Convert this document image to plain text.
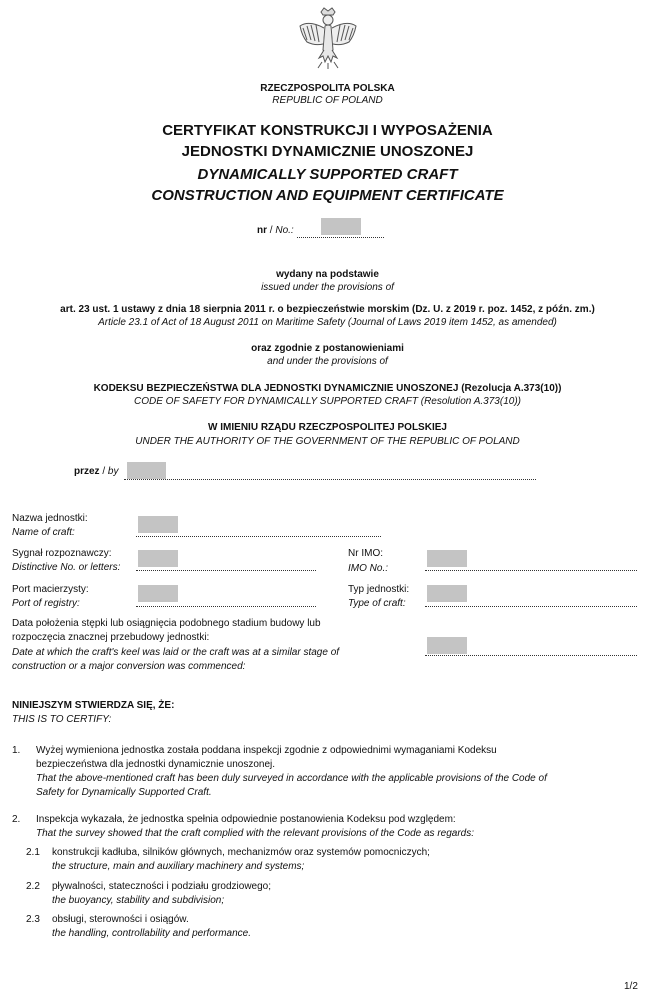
RZECZPOSPOLITA POLSKA
REPUBLIC OF POLAND
CERTYFIKAT KONSTRUKCJI I WYPOSAŻENIA
JEDNOSTKI DYNAMICZNIE UNOSZONEJ
DYNAMICALLY SUPPORTED CRAFT
CONSTRUCTION AND EQUIPMENT CERTIFICATE
nr / No.:
wydany na podstawie
issued under the provisions of
art. 23 ust. 1 ustawy z dnia 18 sierpnia 2011 r. o bezpieczeństwie morskim (Dz. U. z 2019 r. poz. 1452, z późn. zm.)
Article 23.1 of Act of 18 August 2011 on Maritime Safety (Journal of Laws 2019 item 1452, as amended)
oraz zgodnie z postanowieniami
and under the provisions of
KODEKSU BEZPIECZEŃSTWA DLA JEDNOSTKI DYNAMICZNIE UNOSZONEJ (Rezolucja A.373(10))
CODE OF SAFETY FOR DYNAMICALLY SUPPORTED CRAFT (Resolution A.373(10))
W IMIENIU RZĄDU RZECZPOSPOLITEJ POLSKIEJ
UNDER THE AUTHORITY OF THE GOVERNMENT OF THE REPUBLIC OF POLAND
przez / by
Nazwa jednostki:
Name of craft:
Sygnał rozpoznawczy:
Distinctive No. or letters:
Nr IMO:
IMO No.:
Port macierzysty:
Port of registry:
Typ jednostki:
Type of craft:
Data położenia stępki lub osiągnięcia podobnego stadium budowy lub
rozpoczęcia znacznej przebudowy jednostki:
Date at which the craft's keel was laid or the craft was at a similar stage of
construction or a major conversion was commenced:
NINIEJSZYM STWIERDZA SIĘ, ŻE:
THIS IS TO CERTIFY:
1. Wyżej wymieniona jednostka została poddana inspekcji zgodnie z odpowiednimi wymaganiami Kodeksu
bezpieczeństwa dla jednostki dynamicznie unoszonej.
That the above-mentioned craft has been duly surveyed in accordance with the applicable provisions of the Code of
Safety for Dynamically Supported Craft.
2. Inspekcja wykazała, że jednostka spełnia odpowiednie postanowienia Kodeksu pod względem:
That the survey showed that the craft complied with the relevant provisions of the Code as regards:
2.1 konstrukcji kadłuba, silników głównych, mechanizmów oraz systemów pomocniczych;
the structure, main and auxiliary machinery and systems;
2.2 pływalności, stateczności i podziału grodziowego;
the buoyancy, stability and subdivision;
2.3 obsługi, sterowności i osiągów.
the handling, controllability and performance.
1/2
